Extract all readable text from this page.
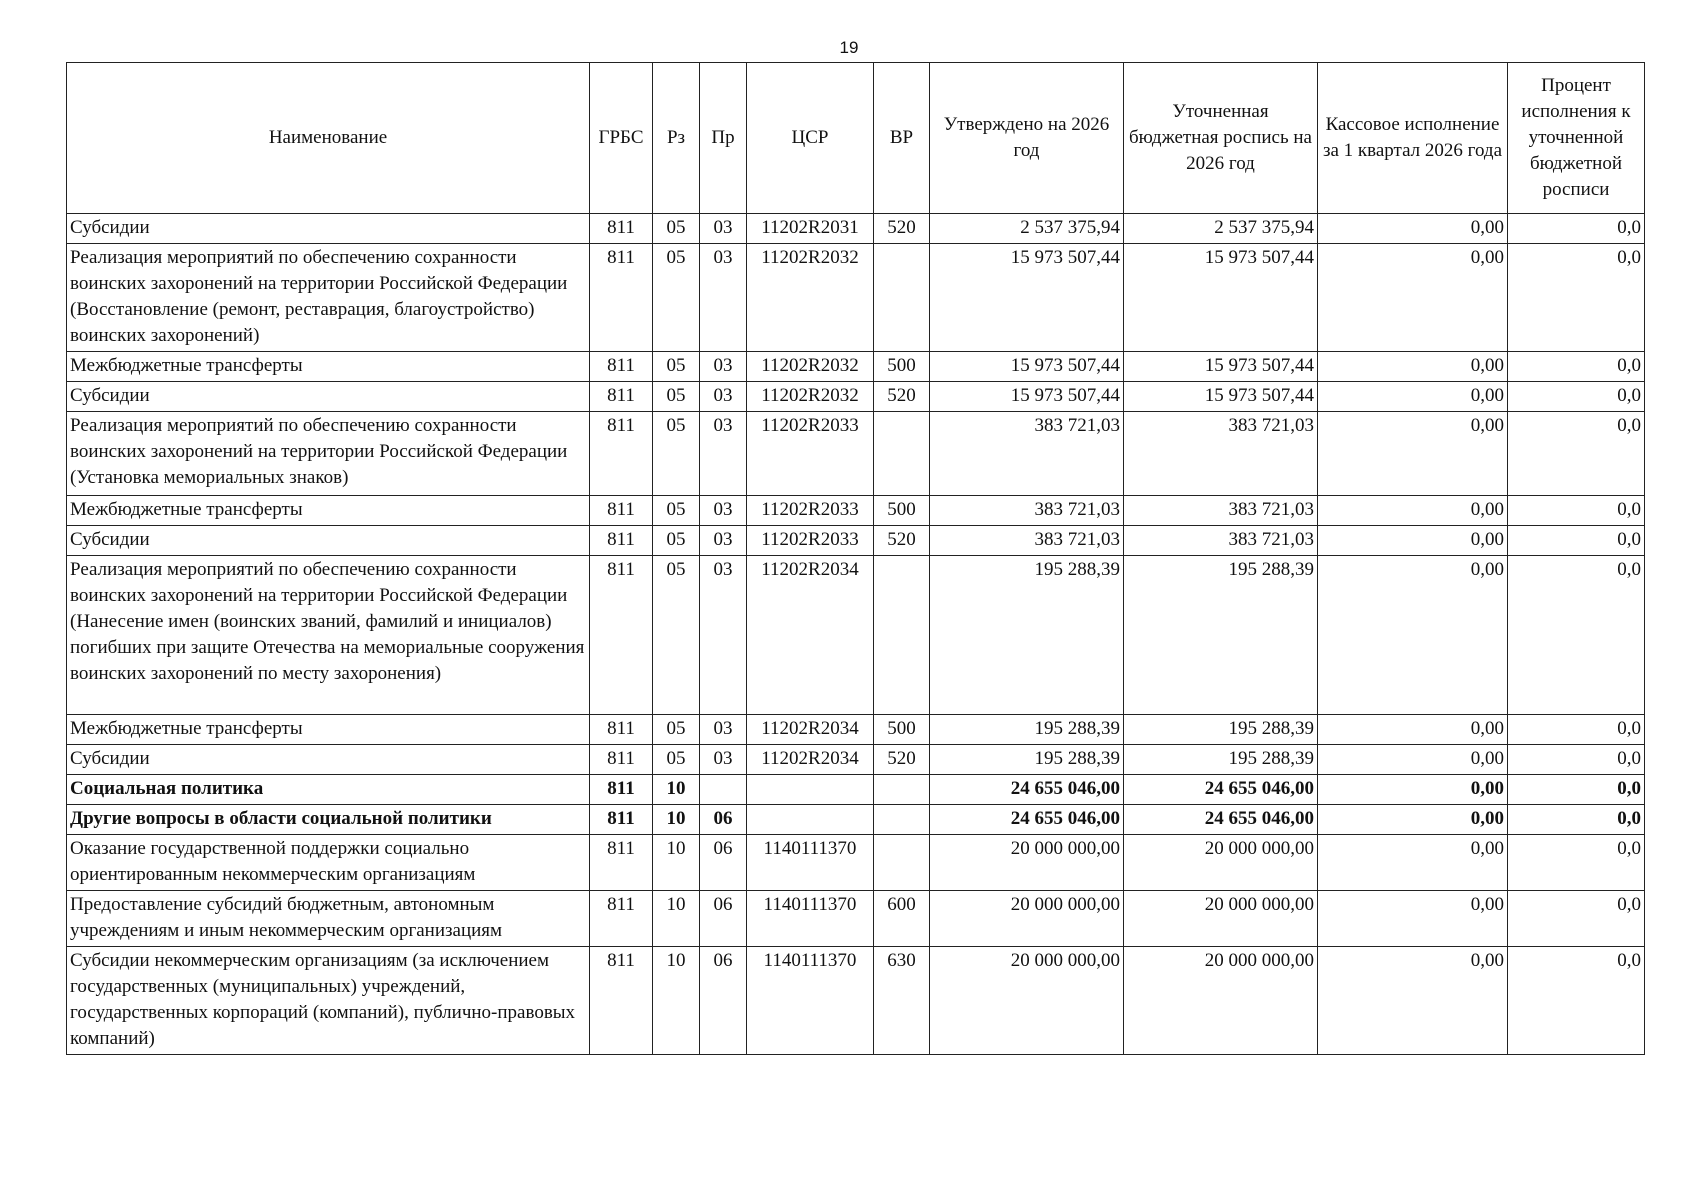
19
Наименование	ГРБС	Рз	Пр	ЦСР	ВР	Утверждено на 2026 год	Уточненная бюджетная роспись на 2026 год	Кассовое исполнение за 1 квартал 2026 года	Процент исполнения к уточненной бюджетной росписи
Субсидии	811	05	03	11202R2031	520	2 537 375,94	2 537 375,94	0,00	0,0
Реализация мероприятий по обеспечению сохранности воинских захоронений на территории Российской Федерации (Восстановление (ремонт, реставрация, благоустройство) воинских захоронений)	811	05	03	11202R2032		15 973 507,44	15 973 507,44	0,00	0,0
Межбюджетные трансферты	811	05	03	11202R2032	500	15 973 507,44	15 973 507,44	0,00	0,0
Субсидии	811	05	03	11202R2032	520	15 973 507,44	15 973 507,44	0,00	0,0
Реализация мероприятий по обеспечению сохранности воинских захоронений на территории Российской Федерации (Установка мемориальных знаков)	811	05	03	11202R2033		383 721,03	383 721,03	0,00	0,0
Межбюджетные трансферты	811	05	03	11202R2033	500	383 721,03	383 721,03	0,00	0,0
Субсидии	811	05	03	11202R2033	520	383 721,03	383 721,03	0,00	0,0
Реализация мероприятий по обеспечению сохранности воинских захоронений на территории Российской Федерации (Нанесение имен (воинских званий, фамилий и инициалов) погибших при защите Отечества на мемориальные сооружения воинских захоронений по месту захоронения)	811	05	03	11202R2034		195 288,39	195 288,39	0,00	0,0
Межбюджетные трансферты	811	05	03	11202R2034	500	195 288,39	195 288,39	0,00	0,0
Субсидии	811	05	03	11202R2034	520	195 288,39	195 288,39	0,00	0,0
Социальная политика	811	10				24 655 046,00	24 655 046,00	0,00	0,0
Другие вопросы в области социальной политики	811	10	06			24 655 046,00	24 655 046,00	0,00	0,0
Оказание государственной поддержки социально ориентированным некоммерческим организациям	811	10	06	1140111370		20 000 000,00	20 000 000,00	0,00	0,0
Предоставление субсидий бюджетным, автономным учреждениям и иным некоммерческим организациям	811	10	06	1140111370	600	20 000 000,00	20 000 000,00	0,00	0,0
Субсидии некоммерческим организациям (за исключением государственных (муниципальных) учреждений, государственных корпораций (компаний), публично-правовых компаний)	811	10	06	1140111370	630	20 000 000,00	20 000 000,00	0,00	0,0
